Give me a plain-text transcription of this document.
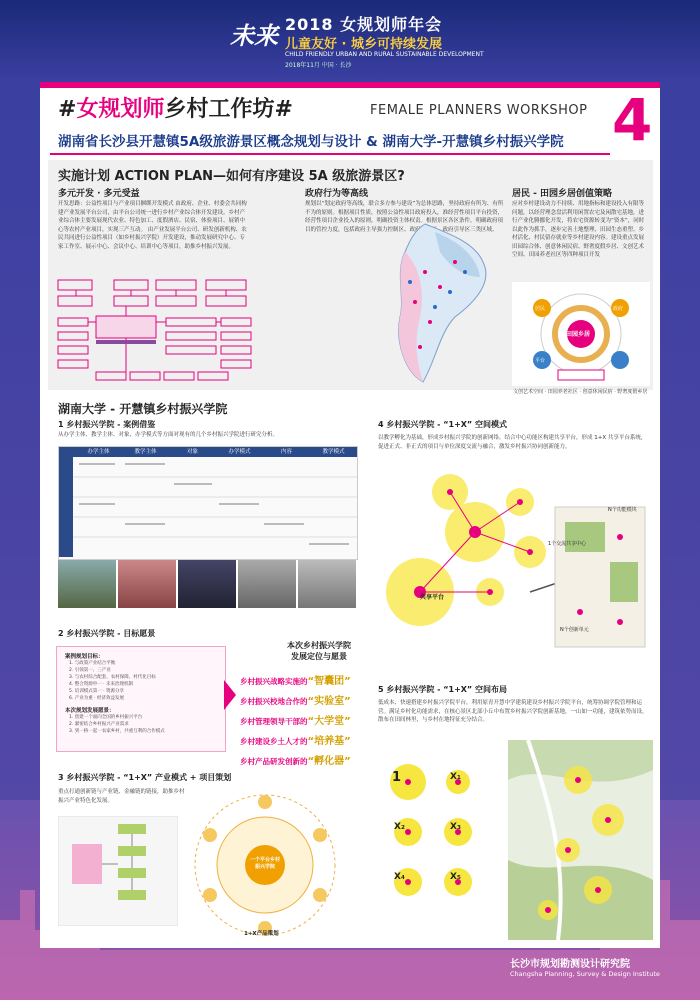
未来 2018 女规划师年会
儿童友好 · 城乡可持续发展
CHILD FRIENDLY URBAN AND RURAL SUSTAINABLE DEVELOPMENT
2018年11月 中国 · 长沙
#女规划师乡村工作坊#	FEMALE PLANNERS WORKSHOP 4
湖南省长沙县开慧镇5A级旅游景区概念规划与设计 & 湖南大学-开慧镇乡村振兴学院
实施计划 ACTION PLAN—如何有序建设 5A 级旅游景区?
多元开发 · 多元受益
开发思路：公益性项目与产业项目捆绑开发模式 由政府、企业、村委会共同构建产业发展平台公司，由平台公司统一进行乡村产业综合体开发建设。乡村产业综合体主要发展现代农业、特色加工、度假酒店、民宿、体验项目、展销中心等农村产业项目，实现三产互动。 由产业发展平台公司、研发创新机构、农民共同进行公益性项目（如乡村振兴学院）开发建设，推动发展研究中心、专家工作室、展示中心、会议中心、培训中心等项目，助推乡村振兴发展。
政府行为等高线
规划以“划定政府等高线，联合多方参与建设”为总体思路，坚持政府有所为、有所不为的原则。根据项目性质，按照公益性项目政府投入，准经营性项目平台投资，经营性项目企业投入的原则，明确投资主体权责。根据景区各区条件，明确政府项目的管控力度，包括政府主导强力控制区、政府控制区、政府引导区三类区域。
居民 - 田园乡居创值策略
应对乡村建设动力不持续、用地指标和建设投入有限等问题，以经营理念盘活利用闲置农宅及闲散宅基地，进行产业化腾挪化开发，将农宅资源转变为“资本”，同时以此作为抓手，逐步完善土地整理、田园生态重塑、乡村活化、村民留存就业等乡村建设内容。建设重点发展田园综合体、创意休闲民宿、野奢度假乡居、文创艺术空间、田园养老社区等四种项目开发
田园乡居
居民	政府
平台
文创艺术空间 · 田园养老社区 · 创意休闲民宿 · 野奢度假乡居
湖南大学 - 开慧镇乡村振兴学院
1 乡村振兴学院 - 案例借鉴
从办学主体、教学主体、对象、办学模式等方面对现有的几个乡村振兴学院进行研究分析。
办学主体	教学主体	对象	办学模式	内容	教学模式
2 乡村振兴学院 - 目标愿景
案例规划目标：
1. 与政策产业结合平衡
2. 引领第一、三产业
3. 与农村综合配套、农村保障、村代化目标
4. 整合资源申一 · 未来治理机制
5. 培训模式第一 · 资源分享
6. 产业为重 · 经济效益发展
本次规划发展愿景：
1. 创建一个面向全国的乡村振兴平台
2. 紧密结合乡村振兴产业需求
3. 到一桥一起一农家乡村，共重互利的合作模式
本次乡村振兴学院
发展定位与愿景
乡村振兴战略实施的“智囊团”
乡村振兴校地合作的“实验室”
乡村管理领导干部的“大学堂”
乡村建设乡土人才的“培养基”
乡村产品研发创新的“孵化器”
3 乡村振兴学院 - “1+X” 产业模式 + 项目策划
重点打通创新链与产业链、金融链的链接，助推乡村振兴产业特色化发展。
一个平台乡村振兴学院
1+X产品策划
4 乡村振兴学院 - “1+X” 空间模式
以教学孵化为基础，形成乡村振兴学院的创新网络。结合中心功能区构建共享平台，形成 1+X 共享平台系统，促进正式、非正式的项目与单位深度交流与融合，激发乡村振兴协同创新能力。
共享平台
1个交流共享中心
N个功能模块
N个创新单元
5 乡村振兴学院 - “1+X” 空间布局
低成本、快速搭建乡村振兴学院平台，利用原青开慧中学建筑建设乡村振兴学院平台，统筹协调学院管理和运营。满足乡村化功能需求，在核心景区北部小丘中布置乡村振兴学院创新基地，一山如一功能，建筑依势而设，散布在田间林里，与乡村在地特征充分结合。
1	X₁
X₂	X₃
X₄	X₅
长沙市规划勘测设计研究院
Changsha Planning, Survey & Design Institute
